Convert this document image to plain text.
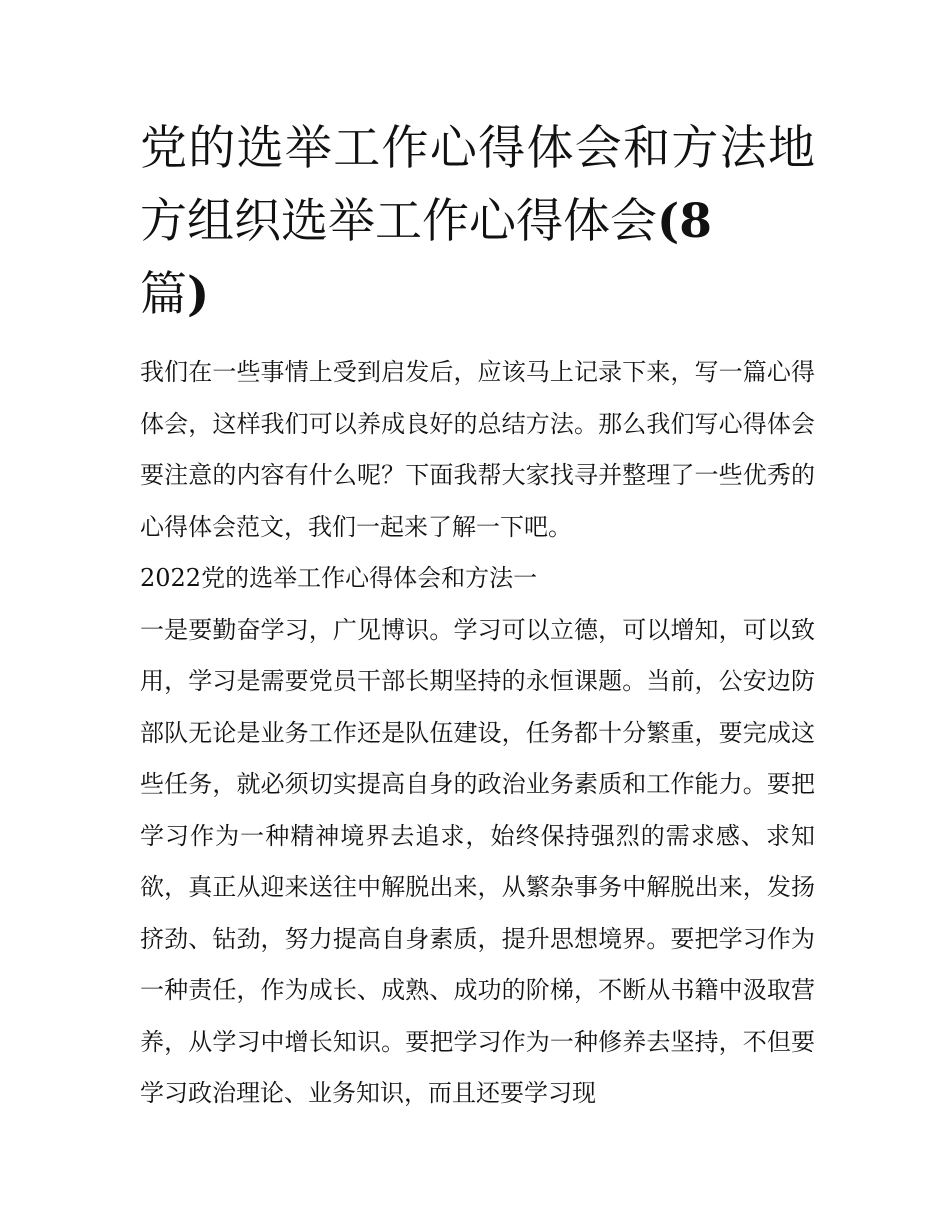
党的选举工作心得体会和方法地方组织选举工作心得体会(8
篇)

我们在一些事情上受到启发后，应该马上记录下来，写一篇心得体会，这样我们可以养成良好的总结方法。那么我们写心得体会要注意的内容有什么呢？下面我帮大家找寻并整理了一些优秀的心得体会范文，我们一起来了解一下吧。

2022党的选举工作心得体会和方法一

一是要勤奋学习，广见博识。学习可以立德，可以增知，可以致用，学习是需要党员干部长期坚持的永恒课题。当前，公安边防部队无论是业务工作还是队伍建设，任务都十分繁重，要完成这些任务，就必须切实提高自身的政治业务素质和工作能力。要把学习作为一种精神境界去追求，始终保持强烈的需求感、求知欲，真正从迎来送往中解脱出来，从繁杂事务中解脱出来，发扬挤劲、钻劲，努力提高自身素质，提升思想境界。要把学习作为一种责任，作为成长、成熟、成功的阶梯，不断从书籍中汲取营养，从学习中增长知识。要把学习作为一种修养去坚持，不但要学习政治理论、业务知识，而且还要学习现
